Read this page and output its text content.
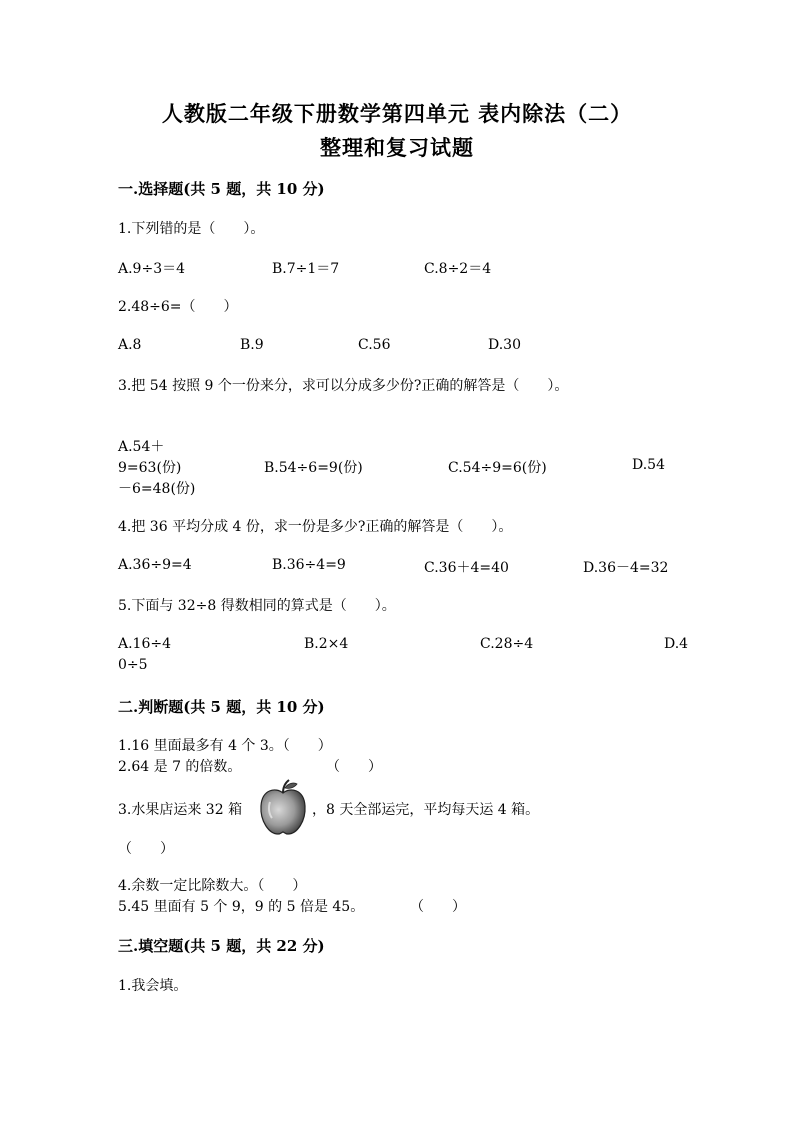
人教版二年级下册数学第四单元 表内除法（二）
整理和复习试题
一.选择题(共 5 题，共 10 分)
1.下列错的是（　　）。
A.9÷3＝4	B.7÷1＝7	C.8÷2＝4
2.48÷6=（　　）
A.8	B.9	C.56	D.30
3.把 54 按照 9 个一份来分，求可以分成多少份?正确的解答是（　　）。
A.54＋
9=63(份)	B.54÷6=9(份)	C.54÷9=6(份)	D.54
－6=48(份)
4.把 36 平均分成 4 份，求一份是多少?正确的解答是（　　）。
A.36÷9=4	B.36÷4=9	C.36＋4=40	D.36－4=32
5.下面与 32÷8 得数相同的算式是（　　）。
A.16÷4	B.2×4	C.28÷4	D.4
0÷5
二.判断题(共 5 题，共 10 分)
1.16 里面最多有 4 个 3。（　　）
2.64 是 7 的倍数。	（　　）
3.水果店运来 32 箱	，8 天全部运完，平均每天运 4 箱。
（　　）
4.余数一定比除数大。（　　）
5.45 里面有 5 个 9，9 的 5 倍是 45。	（　　）
三.填空题(共 5 题，共 22 分)
1.我会填。
